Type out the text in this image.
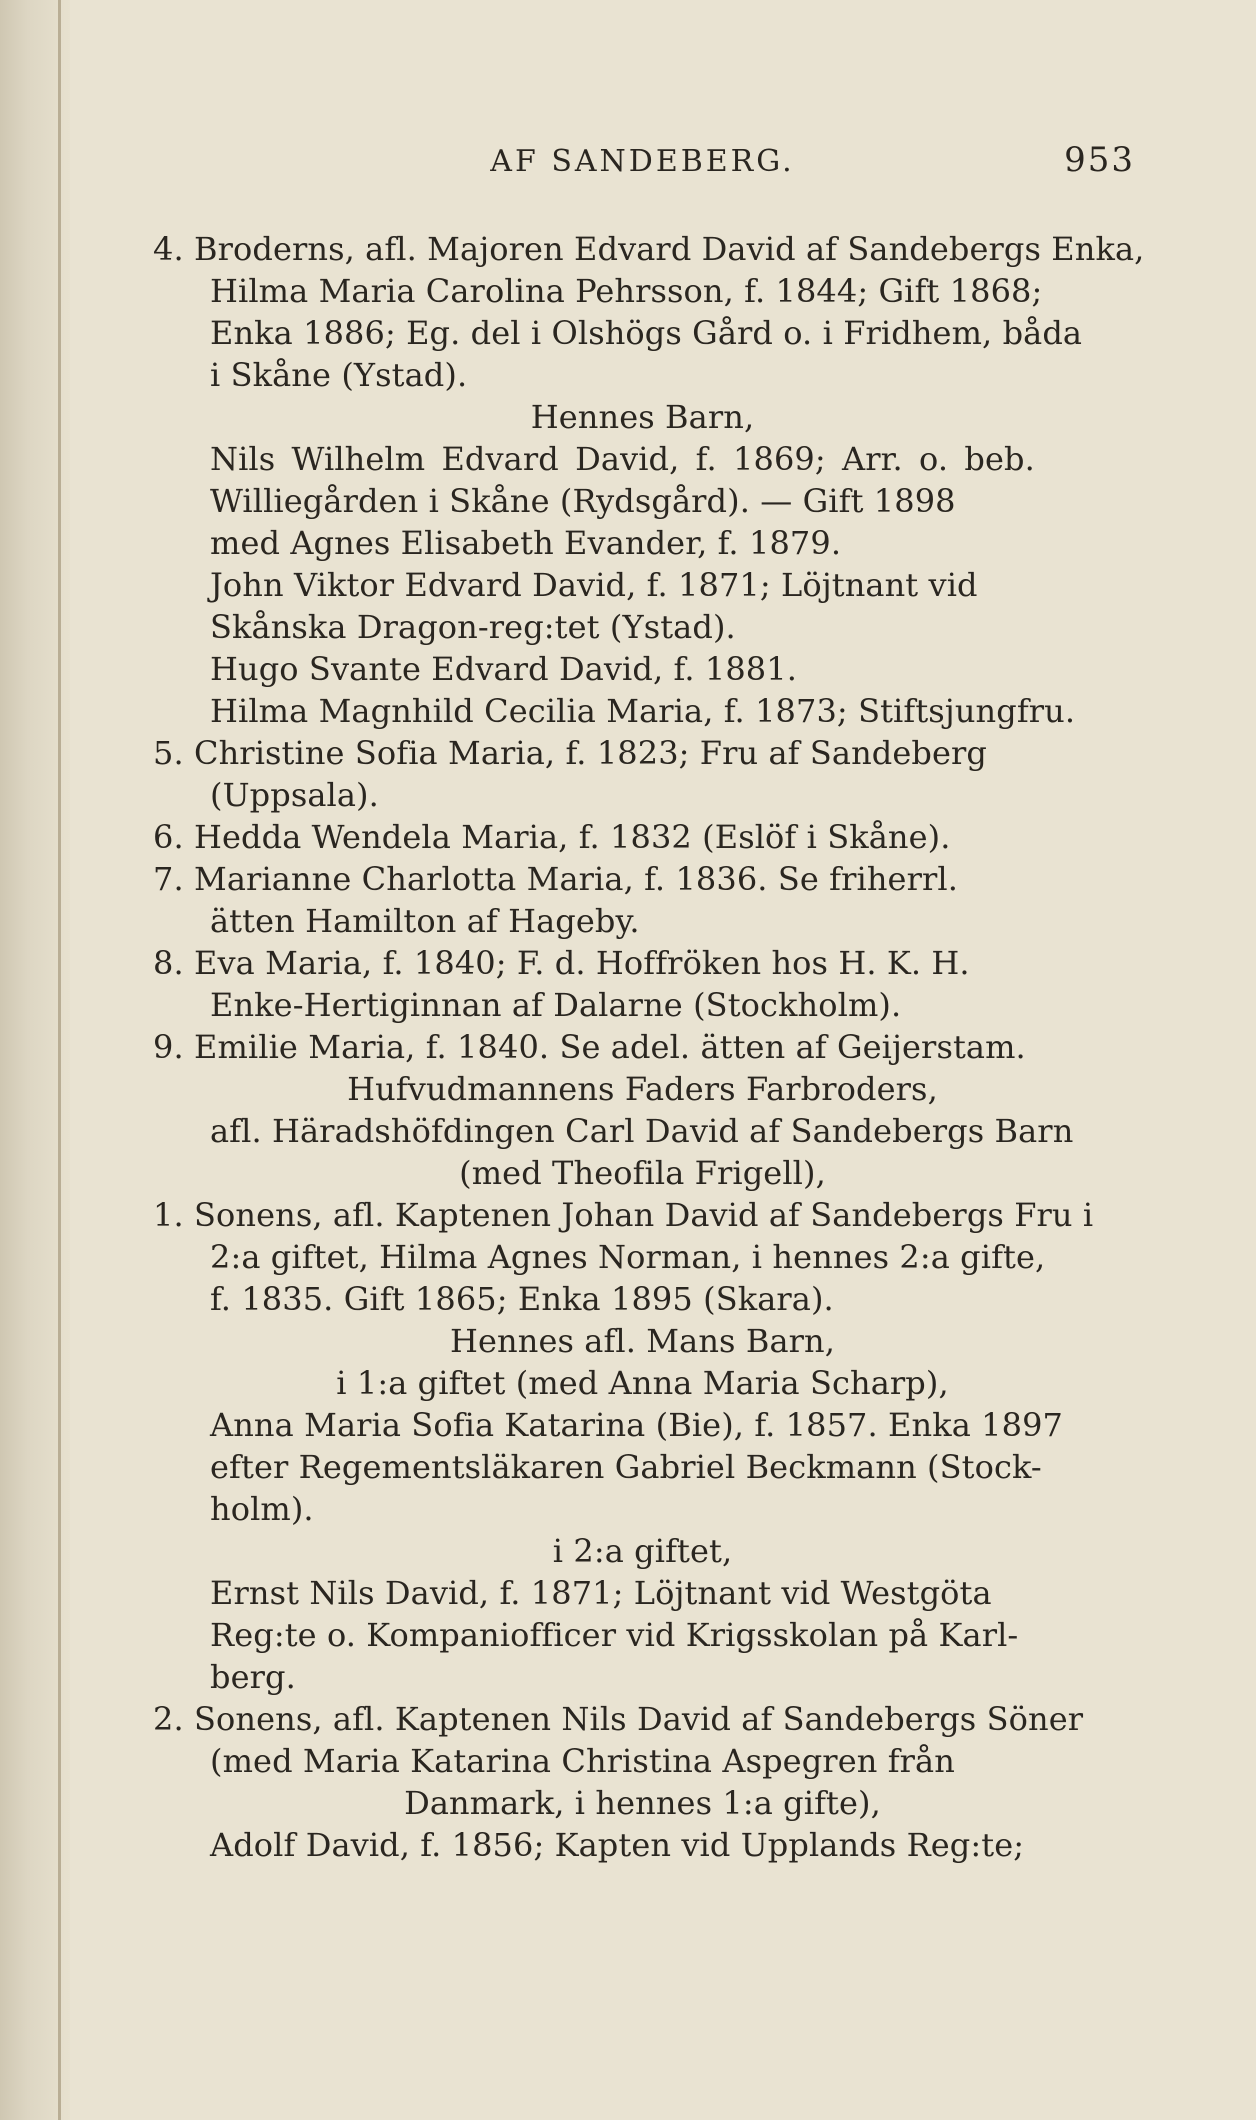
AF SANDEBERG.	953
4. Broderns, afl. Majoren Edvard David af Sandebergs Enka,
Hilma Maria Carolina Pehrsson, f. 1844; Gift 1868;
Enka 1886; Eg. del i Olshögs Gård o. i Fridhem, båda
i Skåne (Ystad).
Hennes Barn,
Nils Wilhelm Edvard David, f. 1869; Arr. o. beb.
Williegården i Skåne (Rydsgård). — Gift 1898
med Agnes Elisabeth Evander, f. 1879.
John Viktor Edvard David, f. 1871; Löjtnant vid
Skånska Dragon-reg:tet (Ystad).
Hugo Svante Edvard David, f. 1881.
Hilma Magnhild Cecilia Maria, f. 1873; Stiftsjungfru.
5. Christine Sofia Maria, f. 1823; Fru af Sandeberg
(Uppsala).
6. Hedda Wendela Maria, f. 1832 (Eslöf i Skåne).
7. Marianne Charlotta Maria, f. 1836. Se friherrl.
ätten Hamilton af Hageby.
8. Eva Maria, f. 1840; F. d. Hoffröken hos H. K. H.
Enke-Hertiginnan af Dalarne (Stockholm).
9. Emilie Maria, f. 1840. Se adel. ätten af Geijerstam.
Hufvudmannens Faders Farbroders,
afl. Häradshöfdingen Carl David af Sandebergs Barn
(med Theofila Frigell),
1. Sonens, afl. Kaptenen Johan David af Sandebergs Fru i
2:a giftet, Hilma Agnes Norman, i hennes 2:a gifte,
f. 1835. Gift 1865; Enka 1895 (Skara).
Hennes afl. Mans Barn,
i 1:a giftet (med Anna Maria Scharp),
Anna Maria Sofia Katarina (Bie), f. 1857. Enka 1897
efter Regementsläkaren Gabriel Beckmann (Stock-
holm).
i 2:a giftet,
Ernst Nils David, f. 1871; Löjtnant vid Westgöta
Reg:te o. Kompaniofficer vid Krigsskolan på Karl-
berg.
2. Sonens, afl. Kaptenen Nils David af Sandebergs Söner
(med Maria Katarina Christina Aspegren från
Danmark, i hennes 1:a gifte),
Adolf David, f. 1856; Kapten vid Upplands Reg:te;
